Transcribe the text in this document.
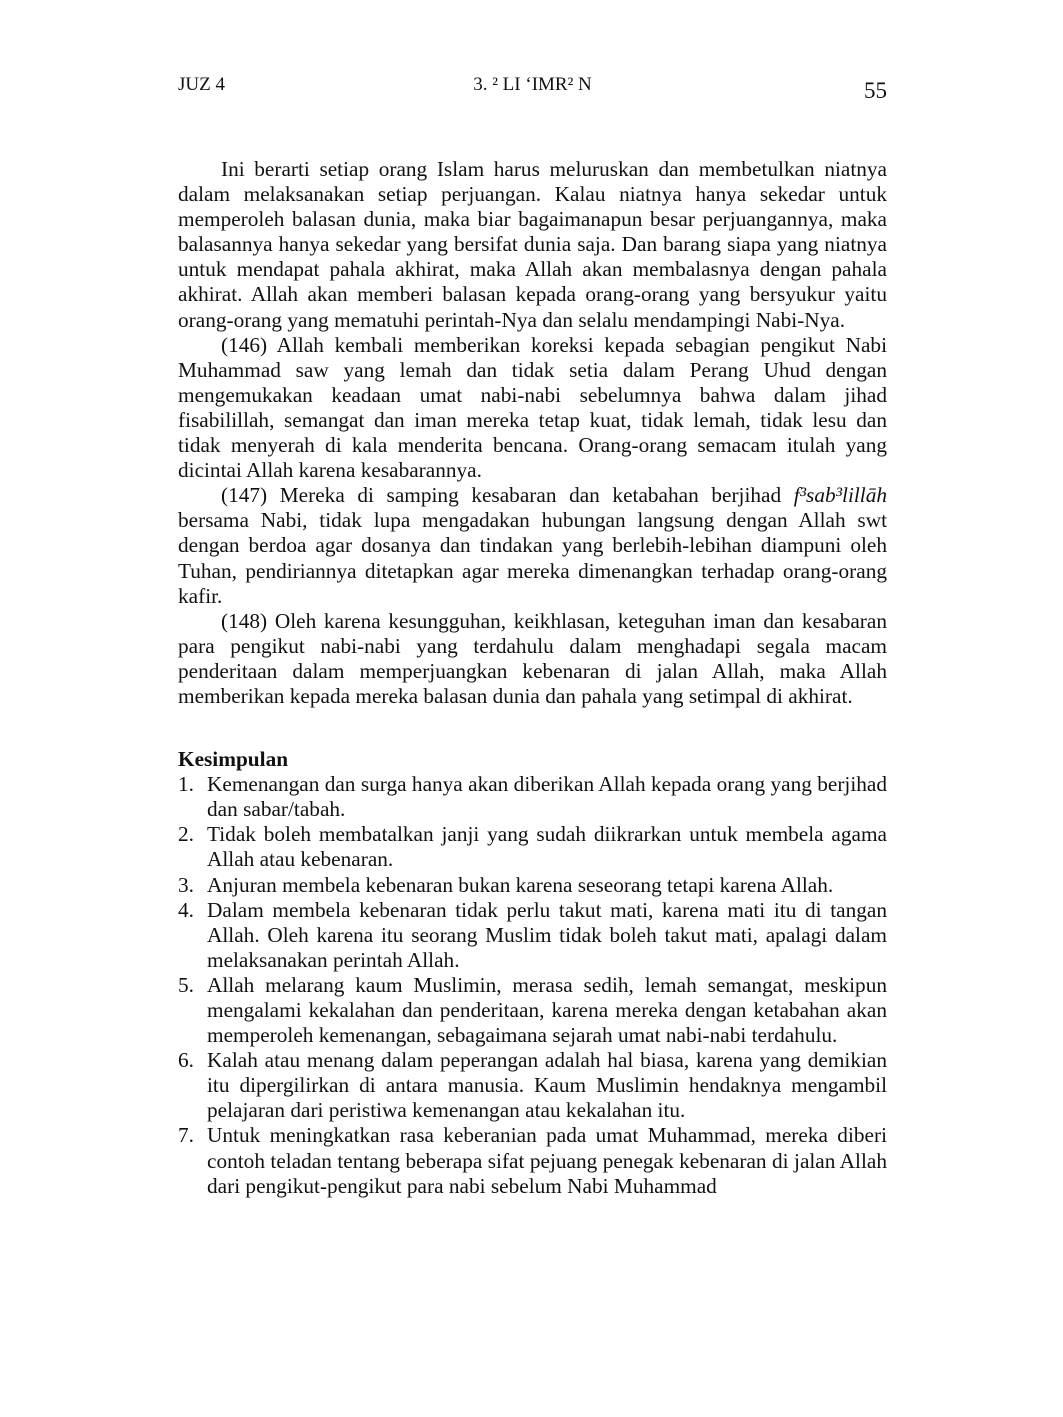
JUZ 4	3. ² LI ‘IMR² N	55

Ini berarti setiap orang Islam harus meluruskan dan membetulkan niatnya dalam melaksanakan setiap perjuangan. Kalau niatnya hanya sekedar untuk memperoleh balasan dunia, maka biar bagaimanapun besar perjuangannya, maka balasannya hanya sekedar yang bersifat dunia saja. Dan barang siapa yang niatnya untuk mendapat pahala akhirat, maka Allah akan membalasnya dengan pahala akhirat. Allah akan memberi balasan kepada orang-orang yang bersyukur yaitu orang-orang yang mematuhi perintah-Nya dan selalu mendampingi Nabi-Nya.

(146) Allah kembali memberikan koreksi kepada sebagian pengikut Nabi Muhammad saw yang lemah dan tidak setia dalam Perang Uhud dengan mengemukakan keadaan umat nabi-nabi sebelumnya bahwa dalam jihad fisabilillah, semangat dan iman mereka tetap kuat, tidak lemah, tidak lesu dan tidak menyerah di kala menderita bencana. Orang-orang semacam itulah yang dicintai Allah karena kesabarannya.

(147) Mereka di samping kesabaran dan ketabahan berjihad f³sab³lillāh bersama Nabi, tidak lupa mengadakan hubungan langsung dengan Allah swt dengan berdoa agar dosanya dan tindakan yang berlebih-lebihan diampuni oleh Tuhan, pendiriannya ditetapkan agar mereka dimenangkan terhadap orang-orang kafir.

(148) Oleh karena kesungguhan, keikhlasan, keteguhan iman dan kesabaran para pengikut nabi-nabi yang terdahulu dalam menghadapi segala macam penderitaan dalam memperjuangkan kebenaran di jalan Allah, maka Allah memberikan kepada mereka balasan dunia dan pahala yang setimpal di akhirat.

Kesimpulan
1. Kemenangan dan surga hanya akan diberikan Allah kepada orang yang berjihad dan sabar/tabah.
2. Tidak boleh membatalkan janji yang sudah diikrarkan untuk membela agama Allah atau kebenaran.
3. Anjuran membela kebenaran bukan karena seseorang tetapi karena Allah.
4. Dalam membela kebenaran tidak perlu takut mati, karena mati itu di tangan Allah. Oleh karena itu seorang Muslim tidak boleh takut mati, apalagi dalam melaksanakan perintah Allah.
5. Allah melarang kaum Muslimin, merasa sedih, lemah semangat, meskipun mengalami kekalahan dan penderitaan, karena mereka dengan ketabahan akan memperoleh kemenangan, sebagaimana sejarah umat nabi-nabi terdahulu.
6. Kalah atau menang dalam peperangan adalah hal biasa, karena yang demikian itu dipergilirkan di antara manusia. Kaum Muslimin hendaknya mengambil pelajaran dari peristiwa kemenangan atau kekalahan itu.
7. Untuk meningkatkan rasa keberanian pada umat Muhammad, mereka diberi contoh teladan tentang beberapa sifat pejuang penegak kebenaran di jalan Allah dari pengikut-pengikut para nabi sebelum Nabi Muhammad
